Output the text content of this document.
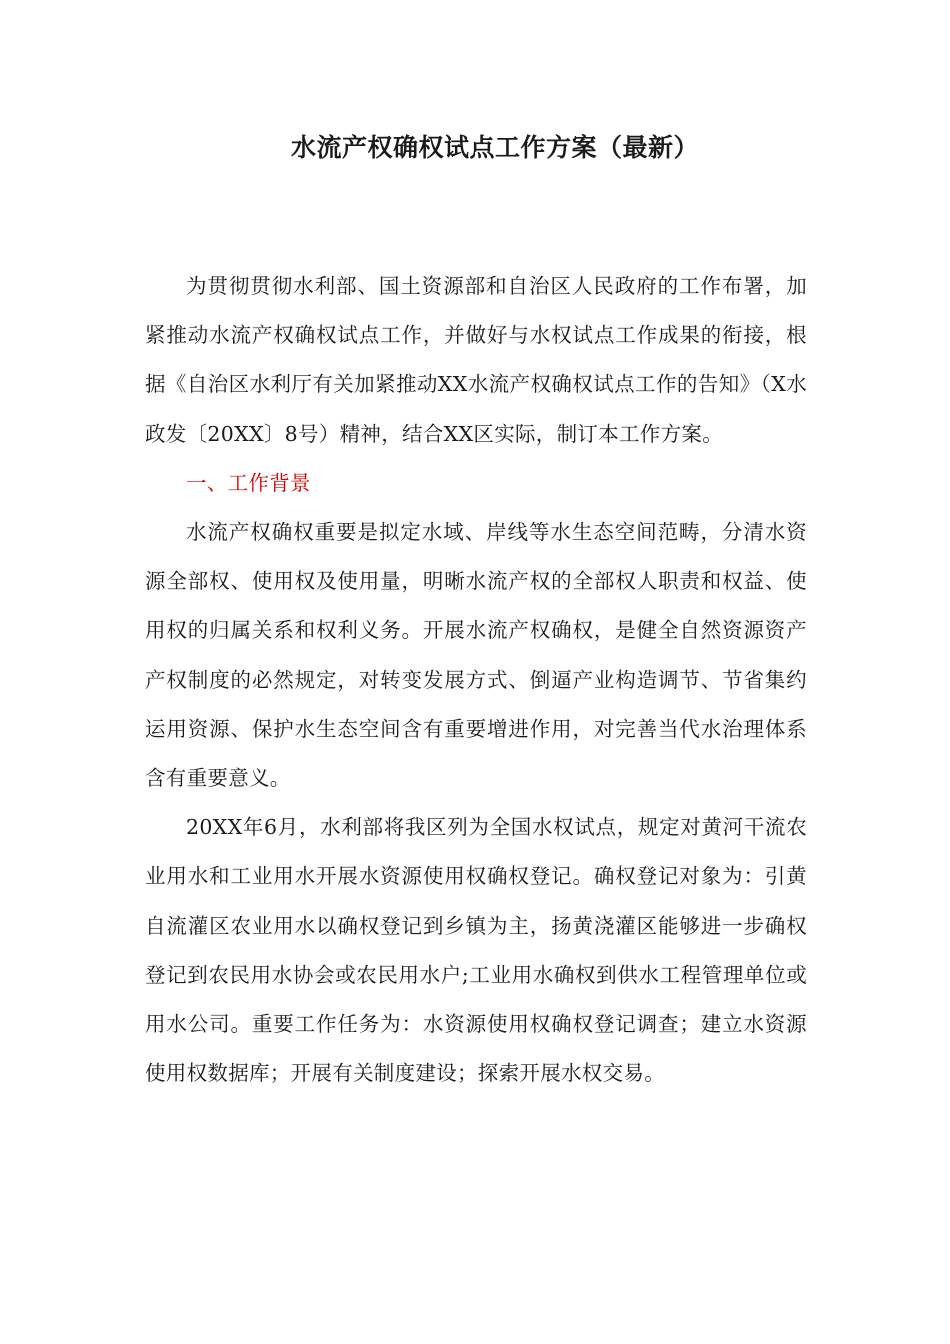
水流产权确权试点工作方案（最新）

为贯彻贯彻水利部、国土资源部和自治区人民政府的工作布署，加紧推动水流产权确权试点工作，并做好与水权试点工作成果的衔接，根据《自治区水利厅有关加紧推动XX水流产权确权试点工作的告知》（X水政发〔20XX〕8号）精神，结合XX区实际，制订本工作方案。

一、工作背景

水流产权确权重要是拟定水域、岸线等水生态空间范畴，分清水资源全部权、使用权及使用量，明晰水流产权的全部权人职责和权益、使用权的归属关系和权利义务。开展水流产权确权，是健全自然资源资产产权制度的必然规定，对转变发展方式、倒逼产业构造调节、节省集约运用资源、保护水生态空间含有重要增进作用，对完善当代水治理体系含有重要意义。

20XX年6月，水利部将我区列为全国水权试点，规定对黄河干流农业用水和工业用水开展水资源使用权确权登记。确权登记对象为：引黄自流灌区农业用水以确权登记到乡镇为主，扬黄浇灌区能够进一步确权登记到农民用水协会或农民用水户;工业用水确权到供水工程管理单位或用水公司。重要工作任务为：水资源使用权确权登记调查；建立水资源使用权数据库；开展有关制度建设；探索开展水权交易。
